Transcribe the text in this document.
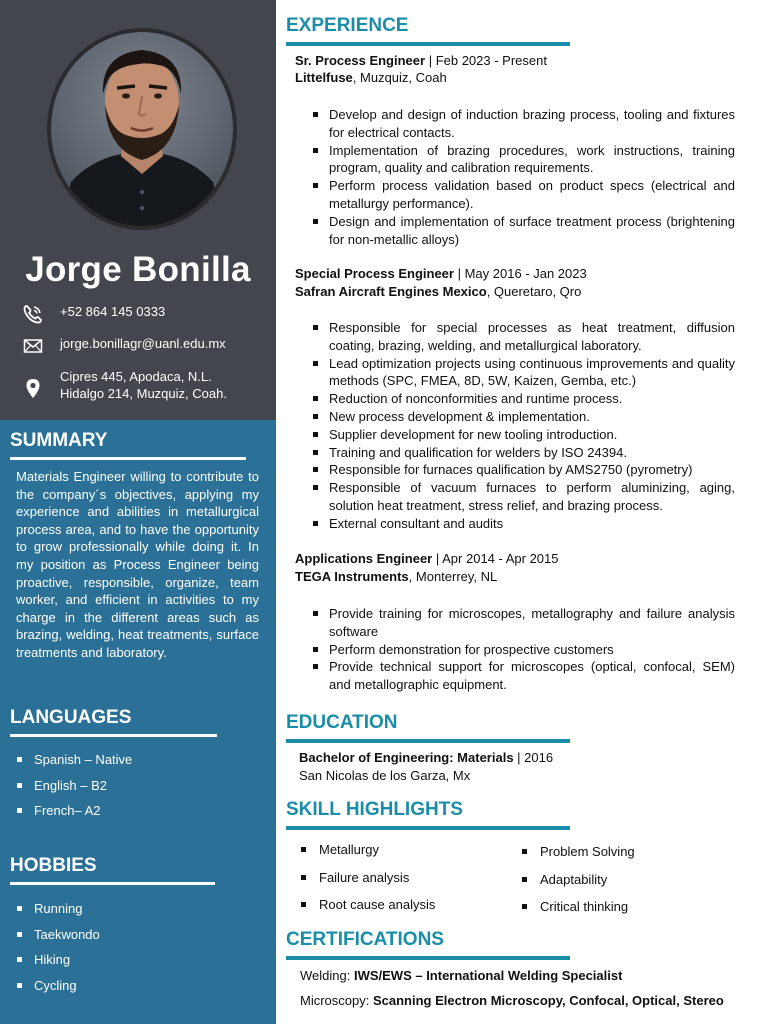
Jorge Bonilla
+52 864 145 0333
jorge.bonillagr@uanl.edu.mx
Cipres 445, Apodaca, N.L.
Hidalgo 214, Muzquiz, Coah.
SUMMARY
Materials Engineer willing to contribute to the company´s objectives, applying my experience and abilities in metallurgical process area, and to have the opportunity to grow professionally while doing it. In my position as Process Engineer being proactive, responsible, organize, team worker, and efficient in activities to my charge in the different areas such as brazing, welding, heat treatments, surface treatments and laboratory.
LANGUAGES
Spanish – Native
English – B2
French– A2
HOBBIES
Running
Taekwondo
Hiking
Cycling
EXPERIENCE
Sr. Process Engineer | Feb 2023 - Present
Littelfuse, Muzquiz, Coah
Develop and design of induction brazing process, tooling and fixtures for electrical contacts.
Implementation of brazing procedures, work instructions, training program, quality and calibration requirements.
Perform process validation based on product specs (electrical and metallurgy performance).
Design and implementation of surface treatment process (brightening for non-metallic alloys)
Special Process Engineer | May 2016 - Jan 2023
Safran Aircraft Engines Mexico, Queretaro, Qro
Responsible for special processes as heat treatment, diffusion coating, brazing, welding, and metallurgical laboratory.
Lead optimization projects using continuous improvements and quality methods (SPC, FMEA, 8D, 5W, Kaizen, Gemba, etc.)
Reduction of nonconformities and runtime process.
New process development & implementation.
Supplier development for new tooling introduction.
Training and qualification for welders by ISO 24394.
Responsible for furnaces qualification by AMS2750 (pyrometry)
Responsible of vacuum furnaces to perform aluminizing, aging, solution heat treatment, stress relief, and brazing process.
External consultant and audits
Applications Engineer | Apr 2014 - Apr 2015
TEGA Instruments, Monterrey, NL
Provide training for microscopes, metallography and failure analysis software
Perform demonstration for prospective customers
Provide technical support for microscopes (optical, confocal, SEM) and metallographic equipment.
EDUCATION
Bachelor of Engineering: Materials | 2016
San Nicolas de los Garza, Mx
SKILL HIGHLIGHTS
Metallurgy
Failure analysis
Root cause analysis
Problem Solving
Adaptability
Critical thinking
CERTIFICATIONS
Welding: IWS/EWS – International Welding Specialist
Microscopy: Scanning Electron Microscopy, Confocal, Optical, Stereo
